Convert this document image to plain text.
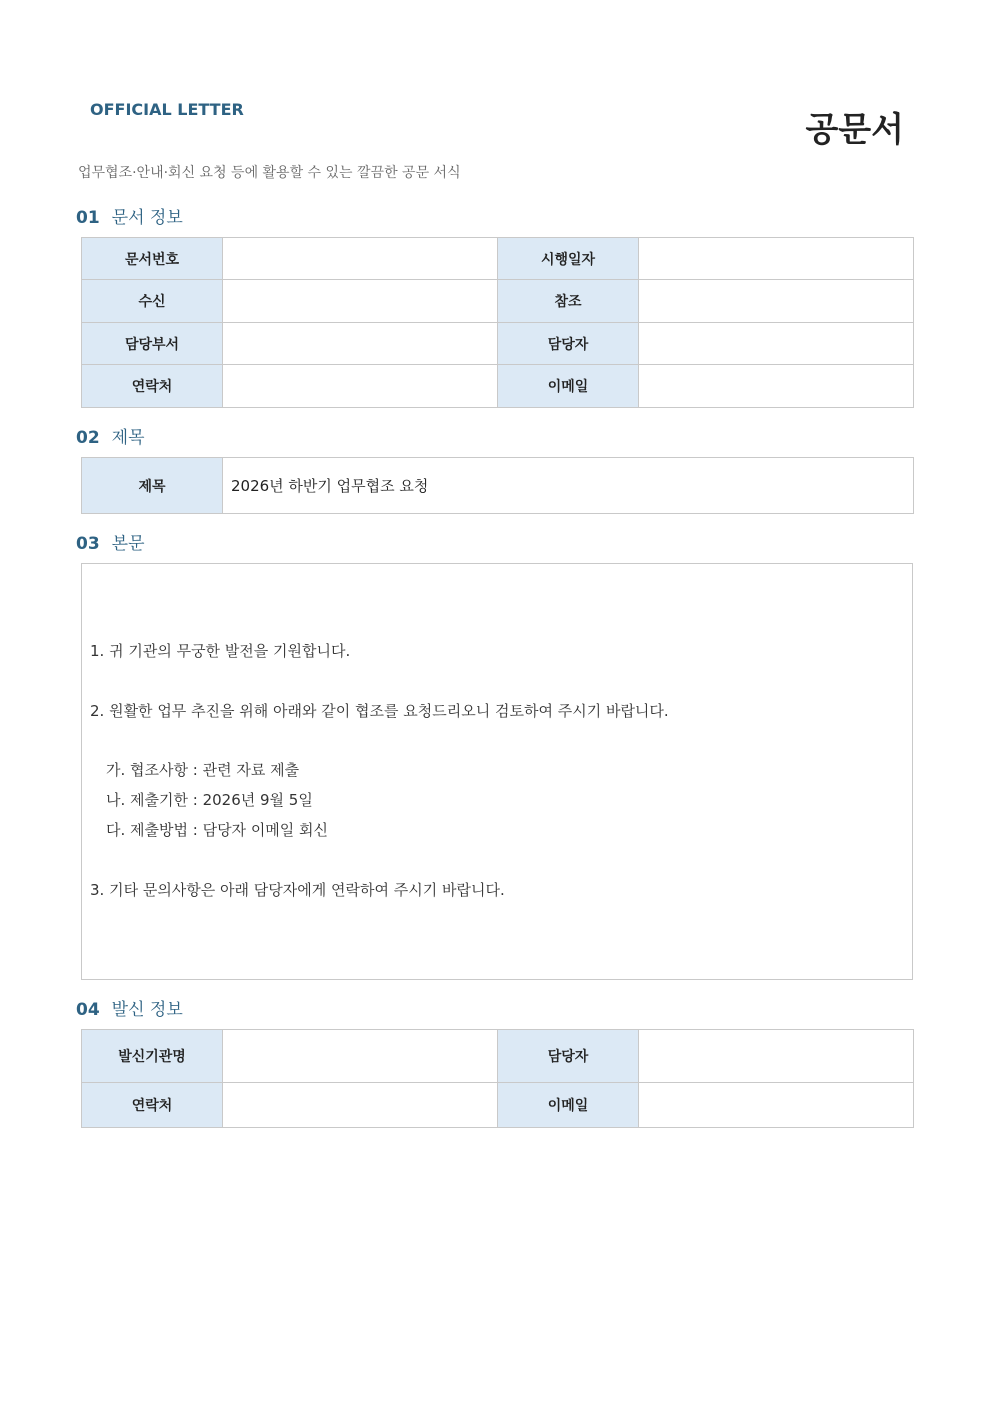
OFFICIAL LETTER
공문서
업무협조·안내·회신 요청 등에 활용할 수 있는 깔끔한 공문 서식
01 문서 정보
문서번호		시행일자	
수신		참조	
담당부서		담당자	
연락처		이메일	
02 제목
제목	2026년 하반기 업무협조 요청
03 본문
1. 귀 기관의 무궁한 발전을 기원합니다.
2. 원활한 업무 추진을 위해 아래와 같이 협조를 요청드리오니 검토하여 주시기 바랍니다.
가. 협조사항 : 관련 자료 제출
나. 제출기한 : 2026년 9월 5일
다. 제출방법 : 담당자 이메일 회신
3. 기타 문의사항은 아래 담당자에게 연락하여 주시기 바랍니다.
04 발신 정보
발신기관명		담당자	
연락처		이메일	
